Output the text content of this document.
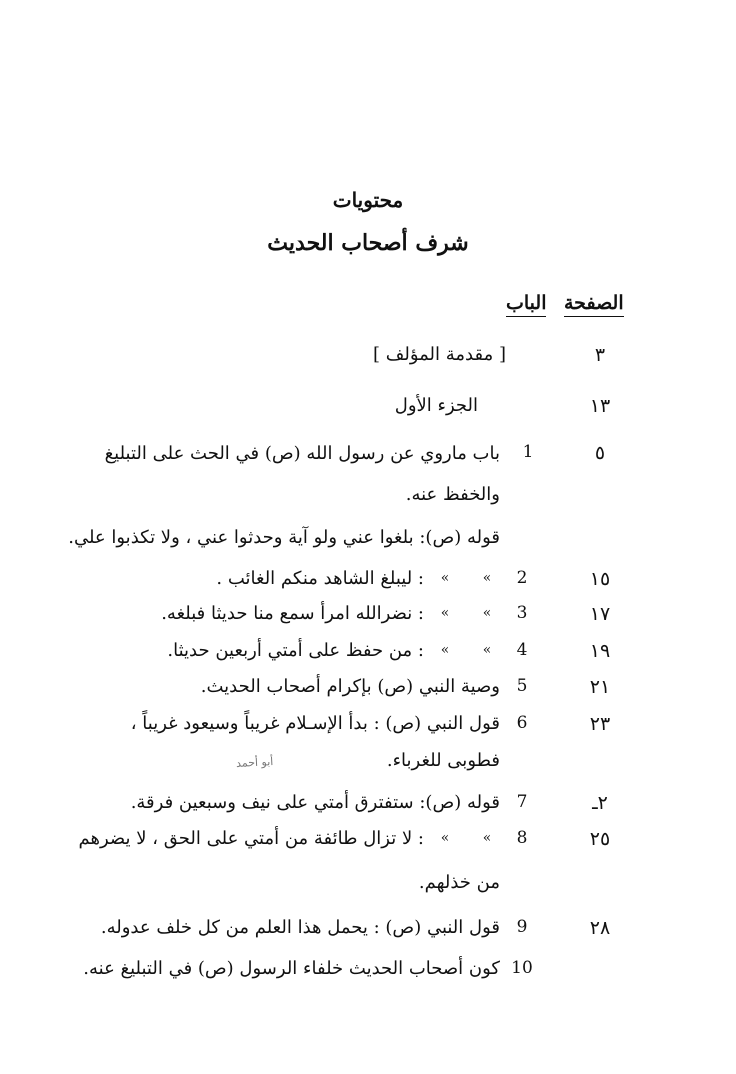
محتويات
شرف أصحاب الحديث
الصفحة
الباب
٣
[ مقدمة المؤلف ]
١٣
الجزء الأول
٥
1
باب ماروي عن رسول الله (ص) في الحث على التبليغ
والخفظ عنه.
قوله (ص): بلغوا عني ولو آية وحدثوا عني ، ولا تكذبوا علي.
١٥
2
»
»
: ليبلغ الشاهد منكم الغائب .
١٧
3
»
»
: نضرالله امرأ سمع منا حديثا فبلغه.
١٩
4
»
»
: من حفظ على أمتي أربعين حديثا.
٢١
5
وصية النبي (ص) بإكرام أصحاب الحديث.
٢٣
6
قول النبي (ص) : بدأ الإسـلام غريباً وسيعود غريباً ،
فطوبى للغرباء.
أبو أحمد
٢ـ
7
قوله (ص): ستفترق أمتي على نيف وسبعين فرقة.
٢٥
8
»
»
: لا تزال طائفة من أمتي على الحق ، لا يضرهم
من خذلهم.
٢٨
9
قول النبي (ص) : يحمل هذا العلم من كل خلف عدوله.
10
كون أصحاب الحديث خلفاء الرسول (ص) في التبليغ عنه.
